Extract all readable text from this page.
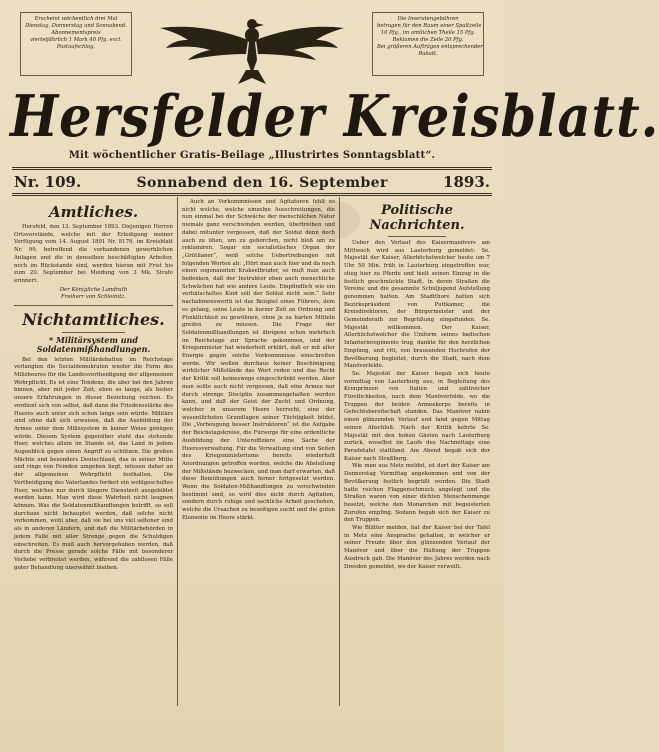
Erscheint wöchentlich drei Mal
Dienstag, Donnerstag und Sonnabend.
Abonnementspreis
vierteljährlich 1 Mark 40 Pfg. excl.
Postaufschlag.
Die Inseratengebühren
betragen für den Raum einer Spaltzeile
10 Pfg., im amtlichen Theile 15 Pfg.
Reklamen die Zeile 20 Pfg.
Bei größeren Aufträgen entsprechender
Rabatt.
Hersfelder Kreisblatt.
Mit wöchentlicher Gratis-Beilage „Illustrirtes Sonntagsblatt“.
Nr. 109.	Sonnabend den 16. September	1893.
Amtliches.

Hersfeld, den 13. September 1893. Diejenigen Herren Ortsvorstände, welche mit der Erledigung meiner Verfügung vom 14. August 1891 Nr. 8179, im Kreisblatt Nr. 99, betreffend die vorhandenen gewerblichen Anlagen und die in denselben beschäftigten Arbeiter, noch im Rückstande sind, werden hieran mit Frist bis zum 20. September bei Meidung von 3 Mk. Strafe erinnert.

Der Königliche Landrath
Freiherr von Schleinitz.
Nichtamtliches.
* Militärsystem und Soldatenmißhandlungen.

Bei den letzten Militärdebatten im Reichstage verlangten die Socialdemokraten wieder die Form des Milizheeres für die Landesvertheidigung der allgemeinen Wehrpflicht. Es ist eine Tendenz, die aber bei den Jahren binnen, aber mit jeder Zeit, eben so lange, als bisher unsere Erfahrungen in dieser Beziehung reichen. Es verdient sich von selbst, daß dann die Friedensstärke des Heeres auch unter sich schon lange sein würde. Militärs sind ohne daß sich erweisen, daß die Ausbildung der Armee unter dem Milizsystem in keiner Weise genügen würde. Diesem System gegenüber steht das stehende Heer, welches allein im Stande ist, das Land in jedem Augenblick gegen einen Angriff zu schützen. Die großen Mächte und besonders Deutschland, das in seiner Mitte und rings von Feinden umgeben liegt, müssen daher an der allgemeinen Wehrpflicht festhalten. Die Vertheidigung des Vaterlandes fordert ein wohlgeschultes Heer, welches nur durch längere Dienstzeit ausgebildet werden kann. Man wird diese Wahrheit nicht leugnen können. Was die Soldatenmißhandlungen betrifft, so soll durchaus nicht behauptet werden, daß solche nicht vorkommen, wohl aber, daß sie bei uns viel seltener sind als in anderen Ländern, und daß die Militärbehörden in jedem Falle mit aller Strenge gegen die Schuldigen einschreiten. Es muß auch hervorgehoben werden, daß durch die Presse gerade solche Fälle mit besonderer Vorliebe verbreitet werden, während die zahllosen Fälle guter Behandlung unerwähnt bleiben.

Auch an Vorkommnissen und Agitatoren fehlt es nicht welche, welche einzelne Ausschreitungen, die nun einmal bei der Schwäche der menschlichen Natur niemals ganz verschwinden werden, übertreiben und dabei mitunter vergessen, daß der Soldat denn doch auch zu üben, um zu gehorchen, nicht bloß um zu reklamiren. Sogar ein socialistisches Organ der „Grütlianer“, weiß solche Uebertreibungen mit folgenden Worten ab: „Hört man auch hier und da noch einen sogenannten Krakeelbruder, so muß man auch bedenken, daß der Instruktor eben auch menschliche Schwächen hat wie andere Leute. Empfindlich wie ein verhätscheltes Kind soll der Soldat nicht sein.“ Sehr nachahmenswerth ist das Beispiel eines Führers, dem es gelang, seine Leute in kurzer Zeit an Ordnung und Pünktlichkeit zu gewöhnen, ohne je zu harten Mitteln greifen zu müssen. Die Frage der Soldatenmißhandlungen ist übrigens schon mehrfach im Reichstage zur Sprache gekommen, und der Kriegsminister hat wiederholt erklärt, daß er mit aller Energie gegen solche Vorkommnisse einschreiten werde. Wir wollen durchaus keiner Beschönigung wirklicher Mißstände das Wort reden und das Recht der Kritik soll keineswegs eingeschränkt werden. Aber man sollte auch nicht vergessen, daß eine Armee nur durch strenge Disciplin zusammengehalten werden kann, und daß der Geist der Zucht und Ordnung, welcher in unserem Heere herrscht, eine der wesentlichsten Grundlagen seiner Tüchtigkeit bildet. Die „Vorbeugung besser Instruktoren“ ist die Aufgabe der Reichstagskreise, die Fürsorge für eine ordentliche Ausbildung der Unteroffiziere eine Sache der Heeresverwaltung. Für die Verwaltung sind von Seiten des Kriegsministeriums bereits wiederholt Anordnungen getroffen worden, welche die Abstellung der Mißstände bezwecken, und man darf erwarten, daß diese Bemühungen auch ferner fortgesetzt werden. Wenn die Soldaten-Mißhandlungen zu verschwinden bestimmt sind, so wird dies nicht durch Agitation, sondern durch ruhige und sachliche Arbeit geschehen, welche die Ursachen zu beseitigen sucht und die guten Elemente im Heere stärkt.

Politische Nachrichten.

Ueber den Verlauf des Kaisermanövers am Mittwoch wird aus Lauterburg gemeldet: Se. Majestät der Kaiser, Allerhöchstwelcher heute um 7 Uhr 50 Min. früh in Lauterburg eingetroffen war, stieg hier zu Pferde und hielt seinen Einzug in die festlich geschmückte Stadt, in deren Straßen die Vereine und die gesammte Schuljugend Aufstellung genommen hatten. Am Stadtthore hatten sich Bezirkspräsident von Puttkamer, die Kreisdirektoren, der Bürgermeister und der Gemeinderath zur Begrüßung eingefunden. Se. Majestät willkommen. Der Kaiser, Allerhöchstwelcher die Uniform seines badischen Infanterieregiments trug, dankte für den herzlichen Empfang, und ritt, von brausenden Hochrufen der Bevölkerung begleitet, durch die Stadt, nach dem Manöverfelde.

Se. Majestät der Kaiser begab sich heute vormittag von Lauterburg aus, in Begleitung des Kronprinzen von Italien und zahlreicher Fürstlichkeiten, nach dem Manöverfelde, wo die Truppen der beiden Armeekorps bereits in Gefechtsbereitschaft standen. Das Manöver nahm einen glänzenden Verlauf und fand gegen Mittag seinen Abschluß. Nach der Kritik kehrte Se. Majestät mit den hohen Gästen nach Lauterburg zurück, woselbst im Laufe des Nachmittags eine Paradetafel stattfand. Am Abend begab sich der Kaiser nach Straßburg.

Wie man aus Metz meldet, ist dort der Kaiser am Donnerstag Vormittag angekommen und von der Bevölkerung festlich begrüßt worden. Die Stadt hatte reichen Flaggenschmuck angelegt und die Straßen waren von einer dichten Menschenmenge besetzt, welche den Monarchen mit begeisterten Zurufen empfing. Sodann begab sich der Kaiser zu den Truppen.

Wie Blätter melden, hat der Kaiser bei der Tafel in Metz eine Ansprache gehalten, in welcher er seiner Freude über den glänzenden Verlauf der Manöver und über die Haltung der Truppen Ausdruck gab. Die Manöver des Jahres werden nach Dresden gemeldet, wo der Kaiser verweilt.
